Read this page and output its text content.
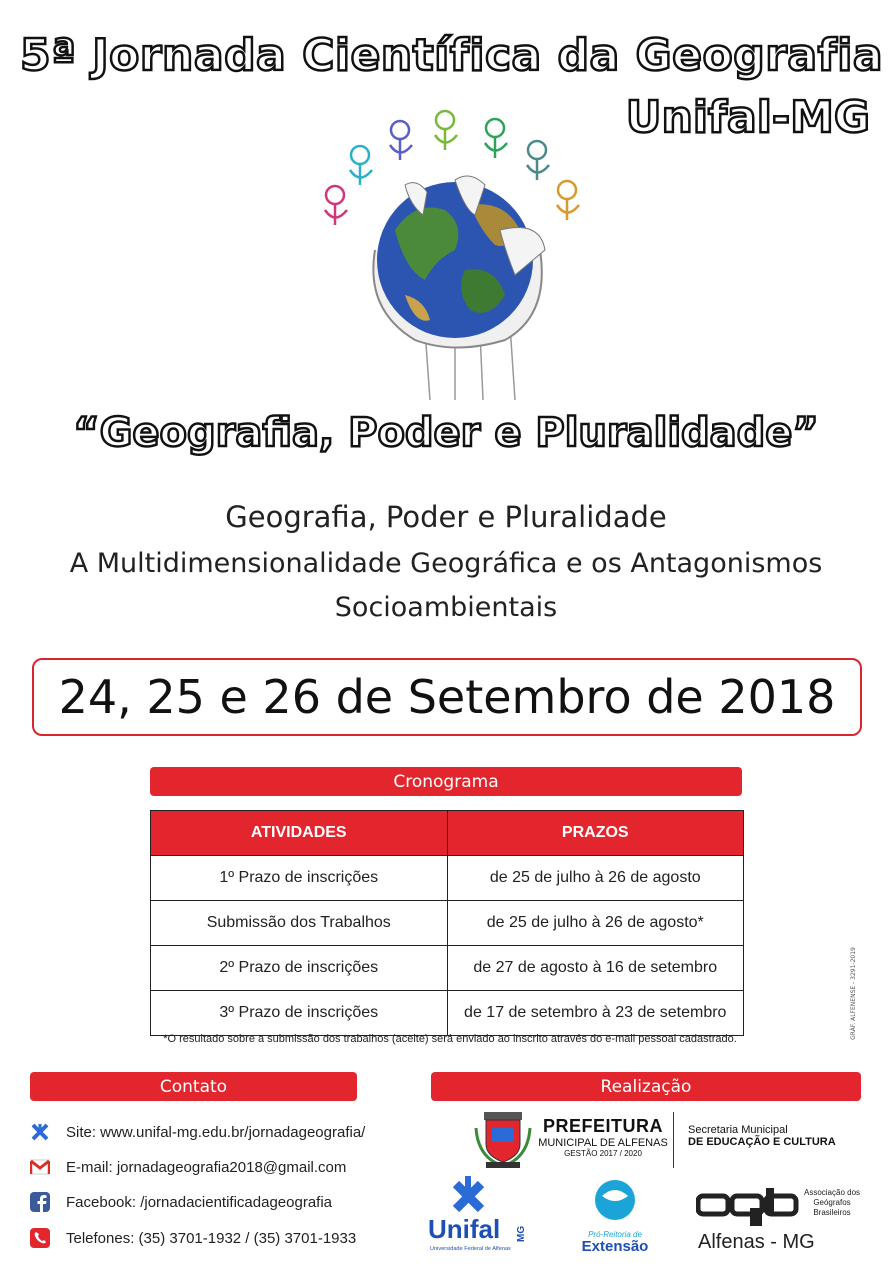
5ª Jornada Científica da Geografia
Unifal-MG
“Geografia, Poder e Pluralidade”
Geografia, Poder e Pluralidade
A Multidimensionalidade Geográfica e os Antagonismos
Socioambientais
24, 25 e 26 de Setembro de 2018
Cronograma
ATIVIDADES	PRAZOS
1º Prazo de inscrições	de 25 de julho à 26 de agosto
Submissão dos Trabalhos	de 25 de julho à 26 de agosto*
2º Prazo de inscrições	de 27 de agosto à 16 de setembro
3º Prazo de inscrições	de 17 de setembro à 23 de setembro
*O resultado sobre a submissão dos trabalhos (aceite) será enviado ao inscrito através do e-mail pessoal cadastrado.	GRÁF. ALFENENSE - 3291-2019
Contato
Site: www.unifal-mg.edu.br/jornadageografia/
E-mail: jornadageografia2018@gmail.com
Facebook: /jornadacientificadageografia
Telefones: (35) 3701-1932 / (35) 3701-1933
Realização
PREFEITURA
MUNICIPAL DE ALFENAS
GESTÃO 2017 / 2020
Secretaria Municipal
DE EDUCAÇÃO E CULTURA
Unifal MG
Universidade Federal de Alfenas
Pró-Reitoria de
Extensão
Associação dos
Geógrafos
Brasileiros
Alfenas - MG
